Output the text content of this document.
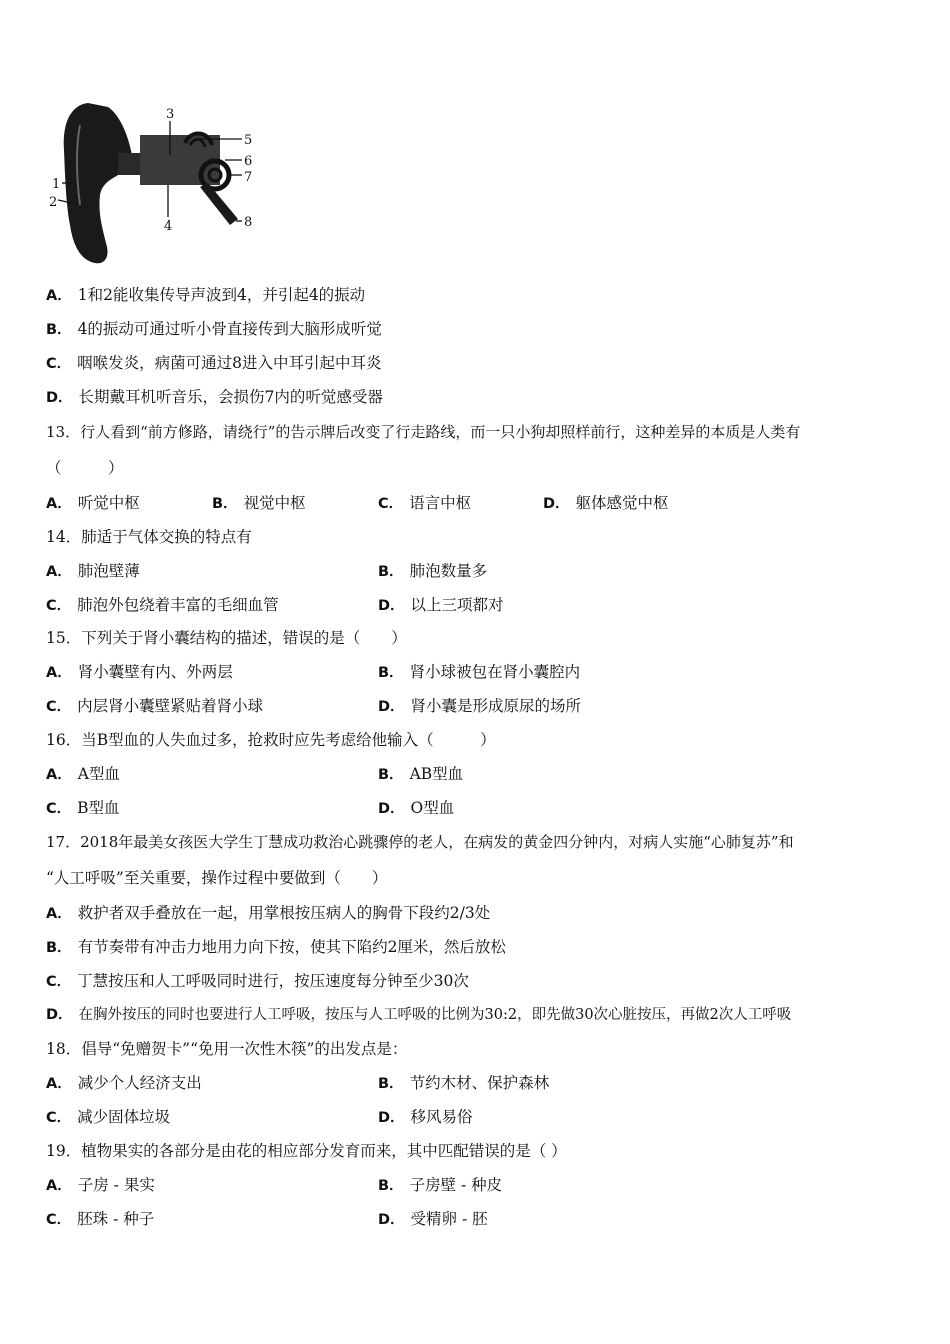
1
2
3
4
5
6
7
8
A． 1和2能收集传导声波到4，并引起4的振动
B． 4的振动可通过听小骨直接传到大脑形成听觉
C． 咽喉发炎，病菌可通过8进入中耳引起中耳炎
D． 长期戴耳机听音乐，会损伤7内的听觉感受器
13．行人看到“前方修路，请绕行”的告示牌后改变了行走路线，而一只小狗却照样前行，这种差异的本质是人类有
（　　　）
A． 听觉中枢	B． 视觉中枢	C． 语言中枢	D． 躯体感觉中枢
14．肺适于气体交换的特点有
A． 肺泡壁薄	B． 肺泡数量多
C． 肺泡外包绕着丰富的毛细血管	D． 以上三项都对
15．下列关于肾小囊结构的描述，错误的是（　　）
A． 肾小囊壁有内、外两层	B． 肾小球被包在肾小囊腔内
C． 内层肾小囊壁紧贴着肾小球	D． 肾小囊是形成原尿的场所
16．当B型血的人失血过多，抢救时应先考虑给他输入（　　　）
A． A型血	B． AB型血
C． B型血	D． O型血
17．2018年最美女孩医大学生丁慧成功救治心跳骤停的老人，在病发的黄金四分钟内，对病人实施“心肺复苏”和
“人工呼吸”至关重要，操作过程中要做到（　　）
A． 救护者双手叠放在一起，用掌根按压病人的胸骨下段约2/3处
B． 有节奏带有冲击力地用力向下按，使其下陷约2厘米，然后放松
C． 丁慧按压和人工呼吸同时进行，按压速度每分钟至少30次
D． 在胸外按压的同时也要进行人工呼吸，按压与人工呼吸的比例为30:2，即先做30次心脏按压，再做2次人工呼吸
18．倡导“免赠贺卡”“免用一次性木筷”的出发点是：
A． 减少个人经济支出	B． 节约木材、保护森林
C． 减少固体垃圾	D． 移风易俗
19．植物果实的各部分是由花的相应部分发育而来，其中匹配错误的是（ ）
A． 子房 - 果实	B． 子房壁 - 种皮
C． 胚珠 - 种子	D． 受精卵 - 胚
